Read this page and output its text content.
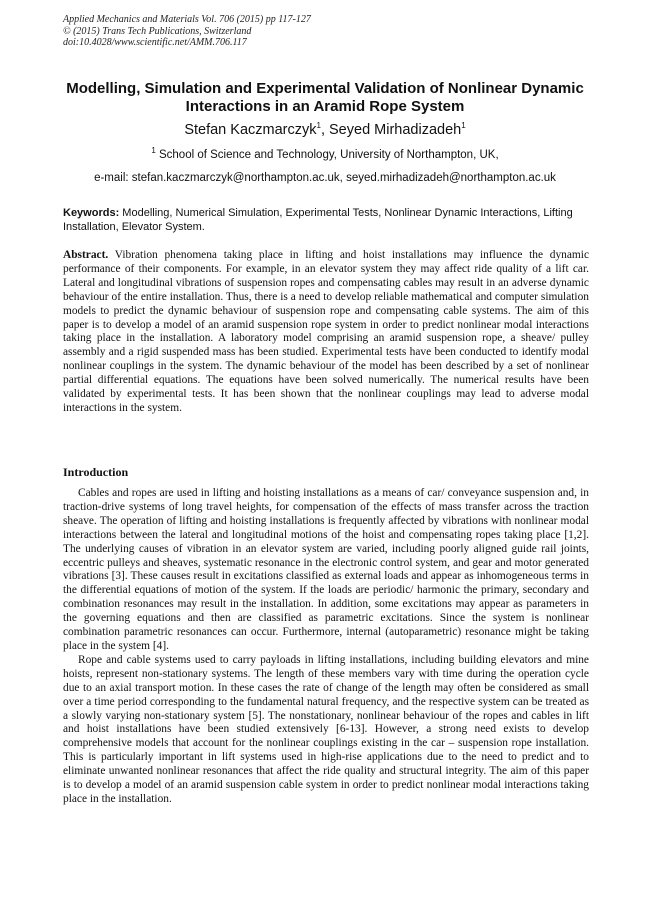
Applied Mechanics and Materials Vol. 706 (2015) pp 117-127
© (2015) Trans Tech Publications, Switzerland
doi:10.4028/www.scientific.net/AMM.706.117
Modelling, Simulation and Experimental Validation of Nonlinear Dynamic Interactions in an Aramid Rope System
Stefan Kaczmarczyk$^1$, Seyed Mirhadizadeh$^1$
$^1$ School of Science and Technology, University of Northampton, UK,
e-mail: stefan.kaczmarczyk@northampton.ac.uk, seyed.mirhadizadeh@northampton.ac.uk
Keywords: Modelling, Numerical Simulation, Experimental Tests, Nonlinear Dynamic Interactions, Lifting Installation, Elevator System.
Abstract. Vibration phenomena taking place in lifting and hoist installations may influence the dynamic performance of their components. For example, in an elevator system they may affect ride quality of a lift car. Lateral and longitudinal vibrations of suspension ropes and compensating cables may result in an adverse dynamic behaviour of the entire installation. Thus, there is a need to develop reliable mathematical and computer simulation models to predict the dynamic behaviour of suspension rope and compensating cable systems. The aim of this paper is to develop a model of an aramid suspension rope system in order to predict nonlinear modal interactions taking place in the installation. A laboratory model comprising an aramid suspension rope, a sheave/ pulley assembly and a rigid suspended mass has been studied. Experimental tests have been conducted to identify modal nonlinear couplings in the system. The dynamic behaviour of the model has been described by a set of nonlinear partial differential equations. The equations have been solved numerically. The numerical results have been validated by experimental tests. It has been shown that the nonlinear couplings may lead to adverse modal interactions in the system.
Introduction

Cables and ropes are used in lifting and hoisting installations as a means of car/ conveyance suspension and, in traction-drive systems of long travel heights, for compensation of the effects of mass transfer across the traction sheave. The operation of lifting and hoisting installations is frequently affected by vibrations with nonlinear modal interactions between the lateral and longitudinal motions of the hoist and compensating ropes taking place [1,2]. The underlying causes of vibration in an elevator system are varied, including poorly aligned guide rail joints, eccentric pulleys and sheaves, systematic resonance in the electronic control system, and gear and motor generated vibrations [3]. These causes result in excitations classified as external loads and appear as inhomogeneous terms in the differential equations of motion of the system. If the loads are periodic/ harmonic the primary, secondary and combination resonances may result in the installation. In addition, some excitations may appear as parameters in the governing equations and then are classified as parametric excitations. Since the system is nonlinear combination parametric resonances can occur. Furthermore, internal (autoparametric) resonance might be taking place in the system [4].

Rope and cable systems used to carry payloads in lifting installations, including building elevators and mine hoists, represent non-stationary systems. The length of these members vary with time during the operation cycle due to an axial transport motion. In these cases the rate of change of the length may often be considered as small over a time period corresponding to the fundamental natural frequency, and the respective system can be treated as a slowly varying non-stationary system [5]. The nonstationary, nonlinear behaviour of the ropes and cables in lift and hoist installations have been studied extensively [6-13]. However, a strong need exists to develop comprehensive models that account for the nonlinear couplings existing in the car – suspension rope installation. This is particularly important in lift systems used in high-rise applications due to the need to predict and to eliminate unwanted nonlinear resonances that affect the ride quality and structural integrity. The aim of this paper is to develop a model of an aramid suspension cable system in order to predict nonlinear modal interactions taking place in the installation.
